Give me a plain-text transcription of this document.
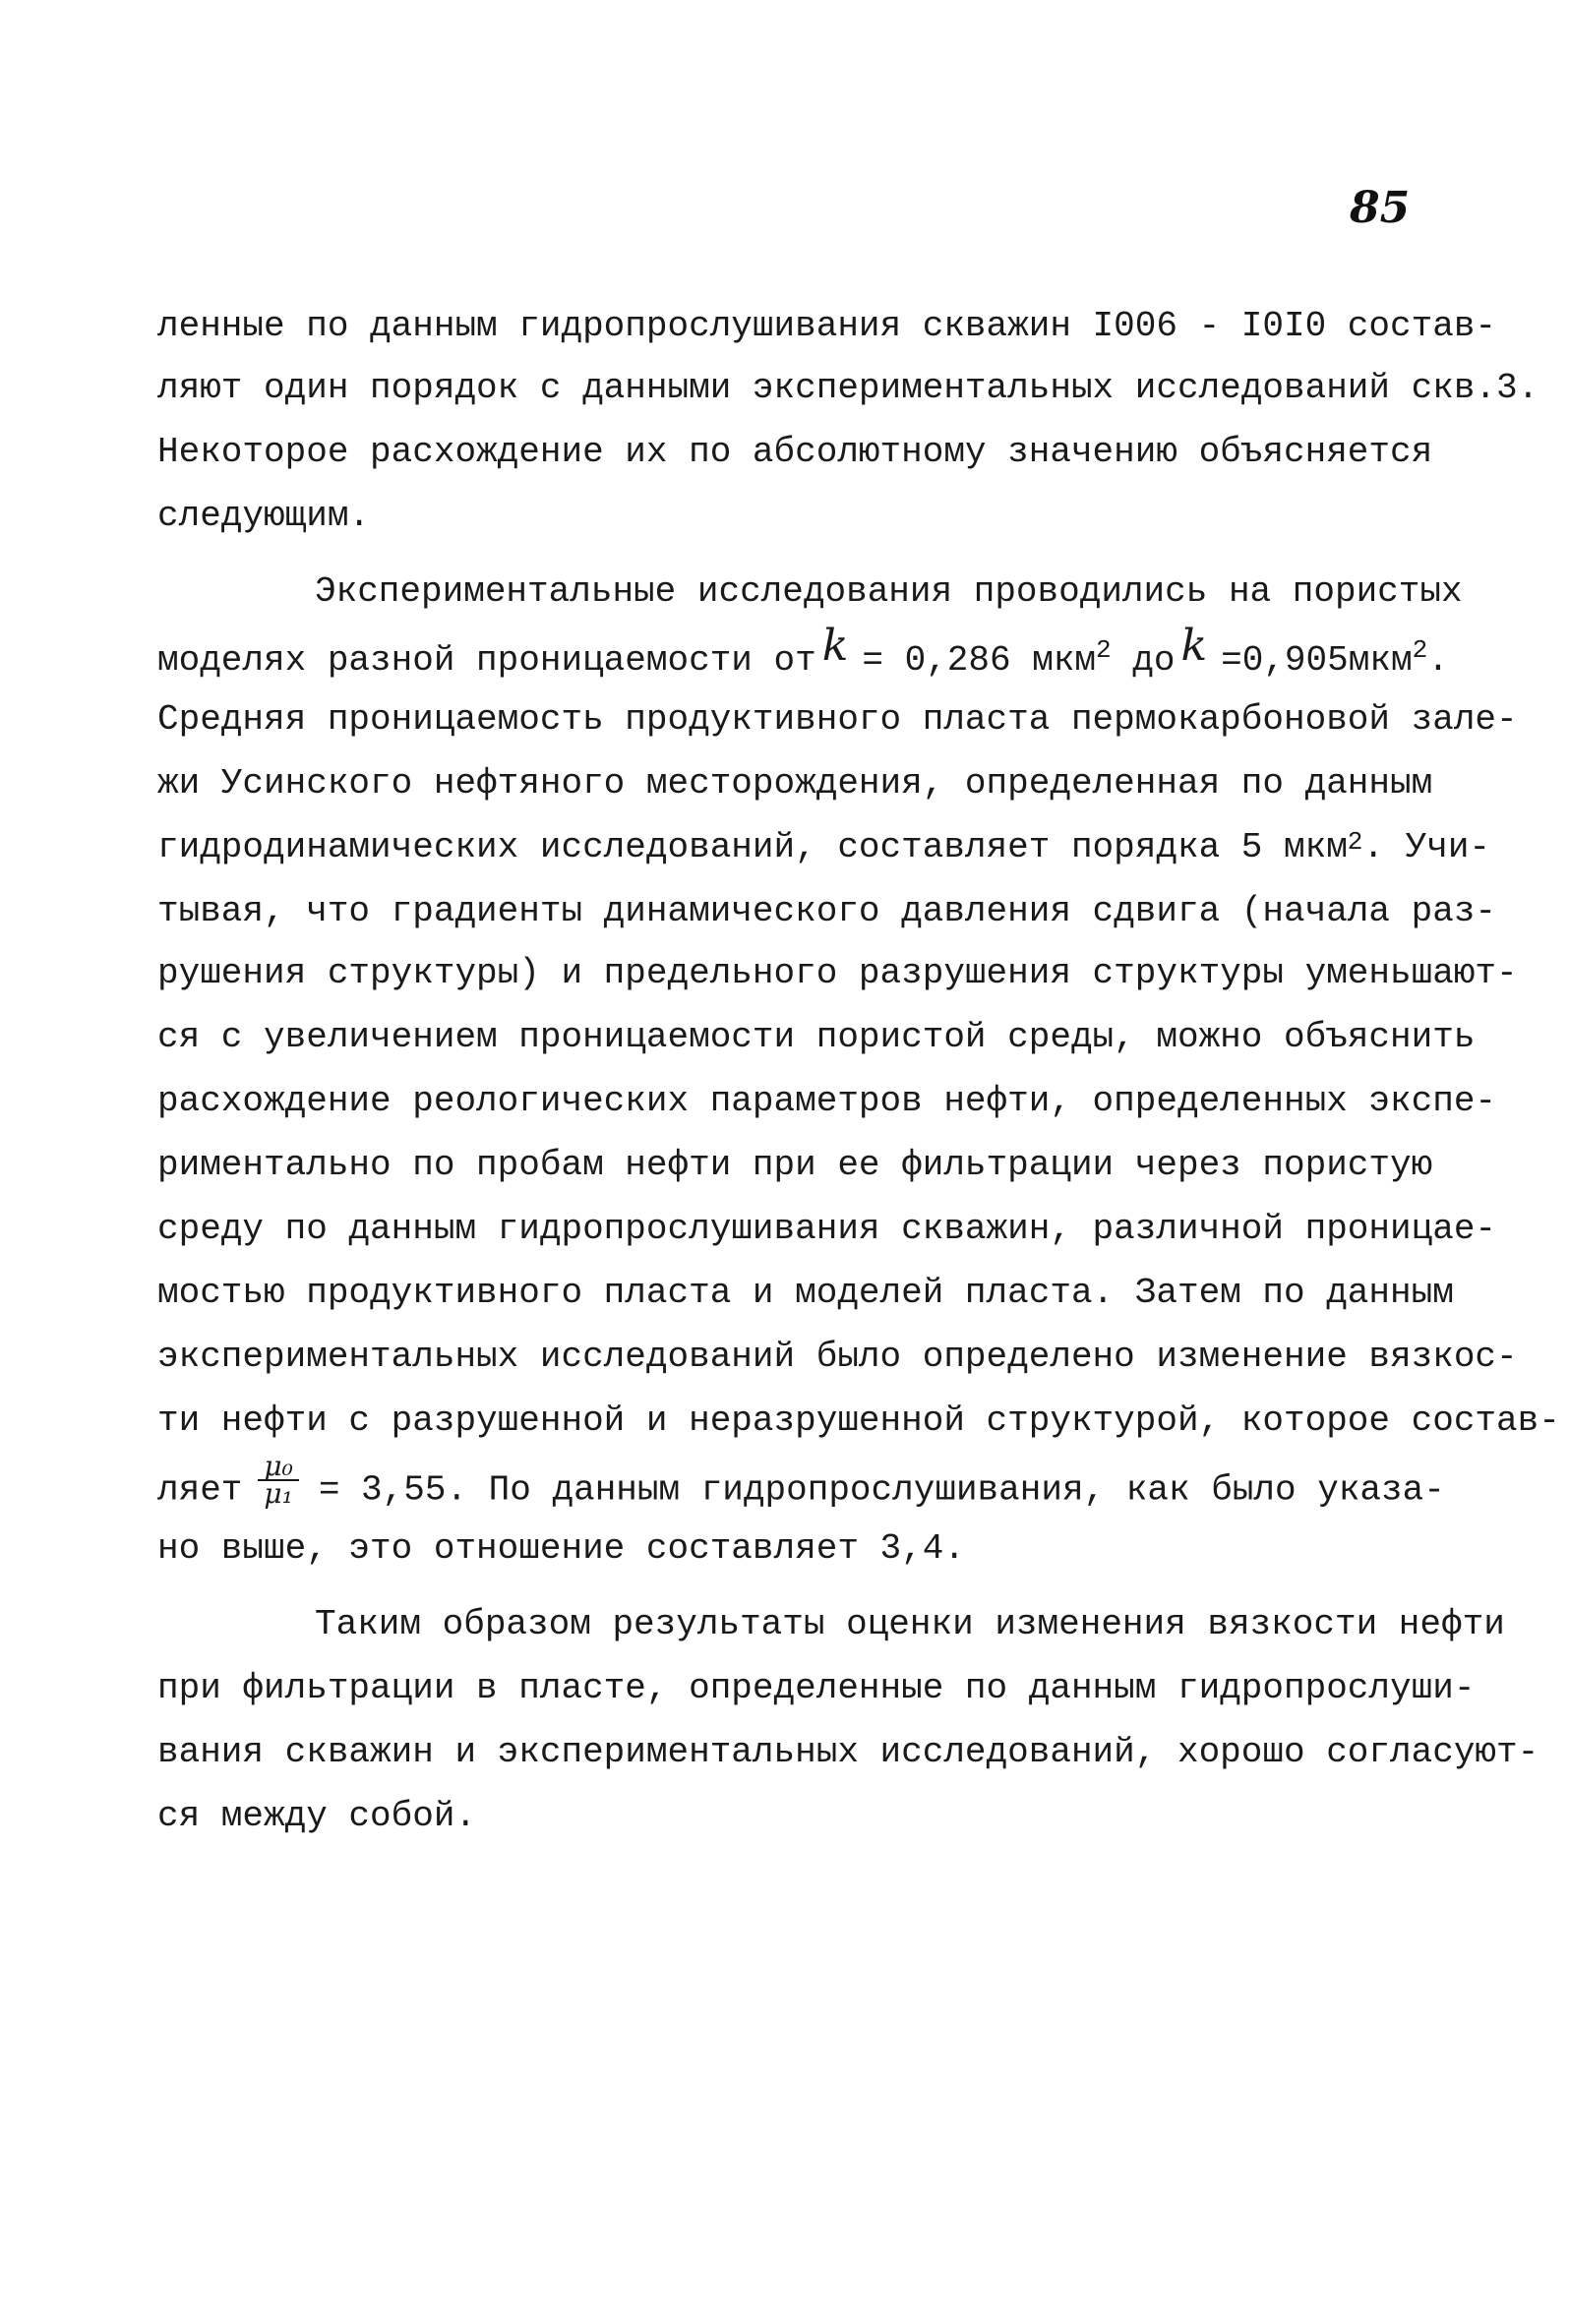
85
ленные по данным гидропрослушивания скважин I006 - I0I0 состав-
ляют один порядок с данными экспериментальных исследований скв.3.
Некоторое расхождение их по абсолютному значению объясняется
следующим.
Экспериментальные исследования проводились на пористых
моделях разной проницаемости от k = 0,286 мкм$^2$ до k =0,905мкм$^2$.
Средняя проницаемость продуктивного пласта пермокарбоновой зале-
жи Усинского нефтяного месторождения, определенная по данным
гидродинамических исследований, составляет порядка 5 мкм$^2$. Учи-
тывая, что градиенты динамического давления сдвига (начала раз-
рушения структуры) и предельного разрушения структуры уменьшают-
ся с увеличением проницаемости пористой среды, можно объяснить
расхождение реологических параметров нефти, определенных экспе-
риментально по пробам нефти при ее фильтрации через пористую
среду по данным гидропрослушивания скважин, различной проницае-
мостью продуктивного пласта и моделей пласта. Затем по данным
экспериментальных исследований было определено изменение вязкос-
ти нефти с разрушенной и неразрушенной структурой, которое состав-
ляет $\frac{\text{μ₀}}{\text{μ₁}} = 3,55$. По данным гидропрослушивания, как было указа-
но выше, это отношение составляет 3,4.
Таким образом результаты оценки изменения вязкости нефти
при фильтрации в пласте, определенные по данным гидропрослуши-
вания скважин и экспериментальных исследований, хорошо согласуют-
ся между собой.
